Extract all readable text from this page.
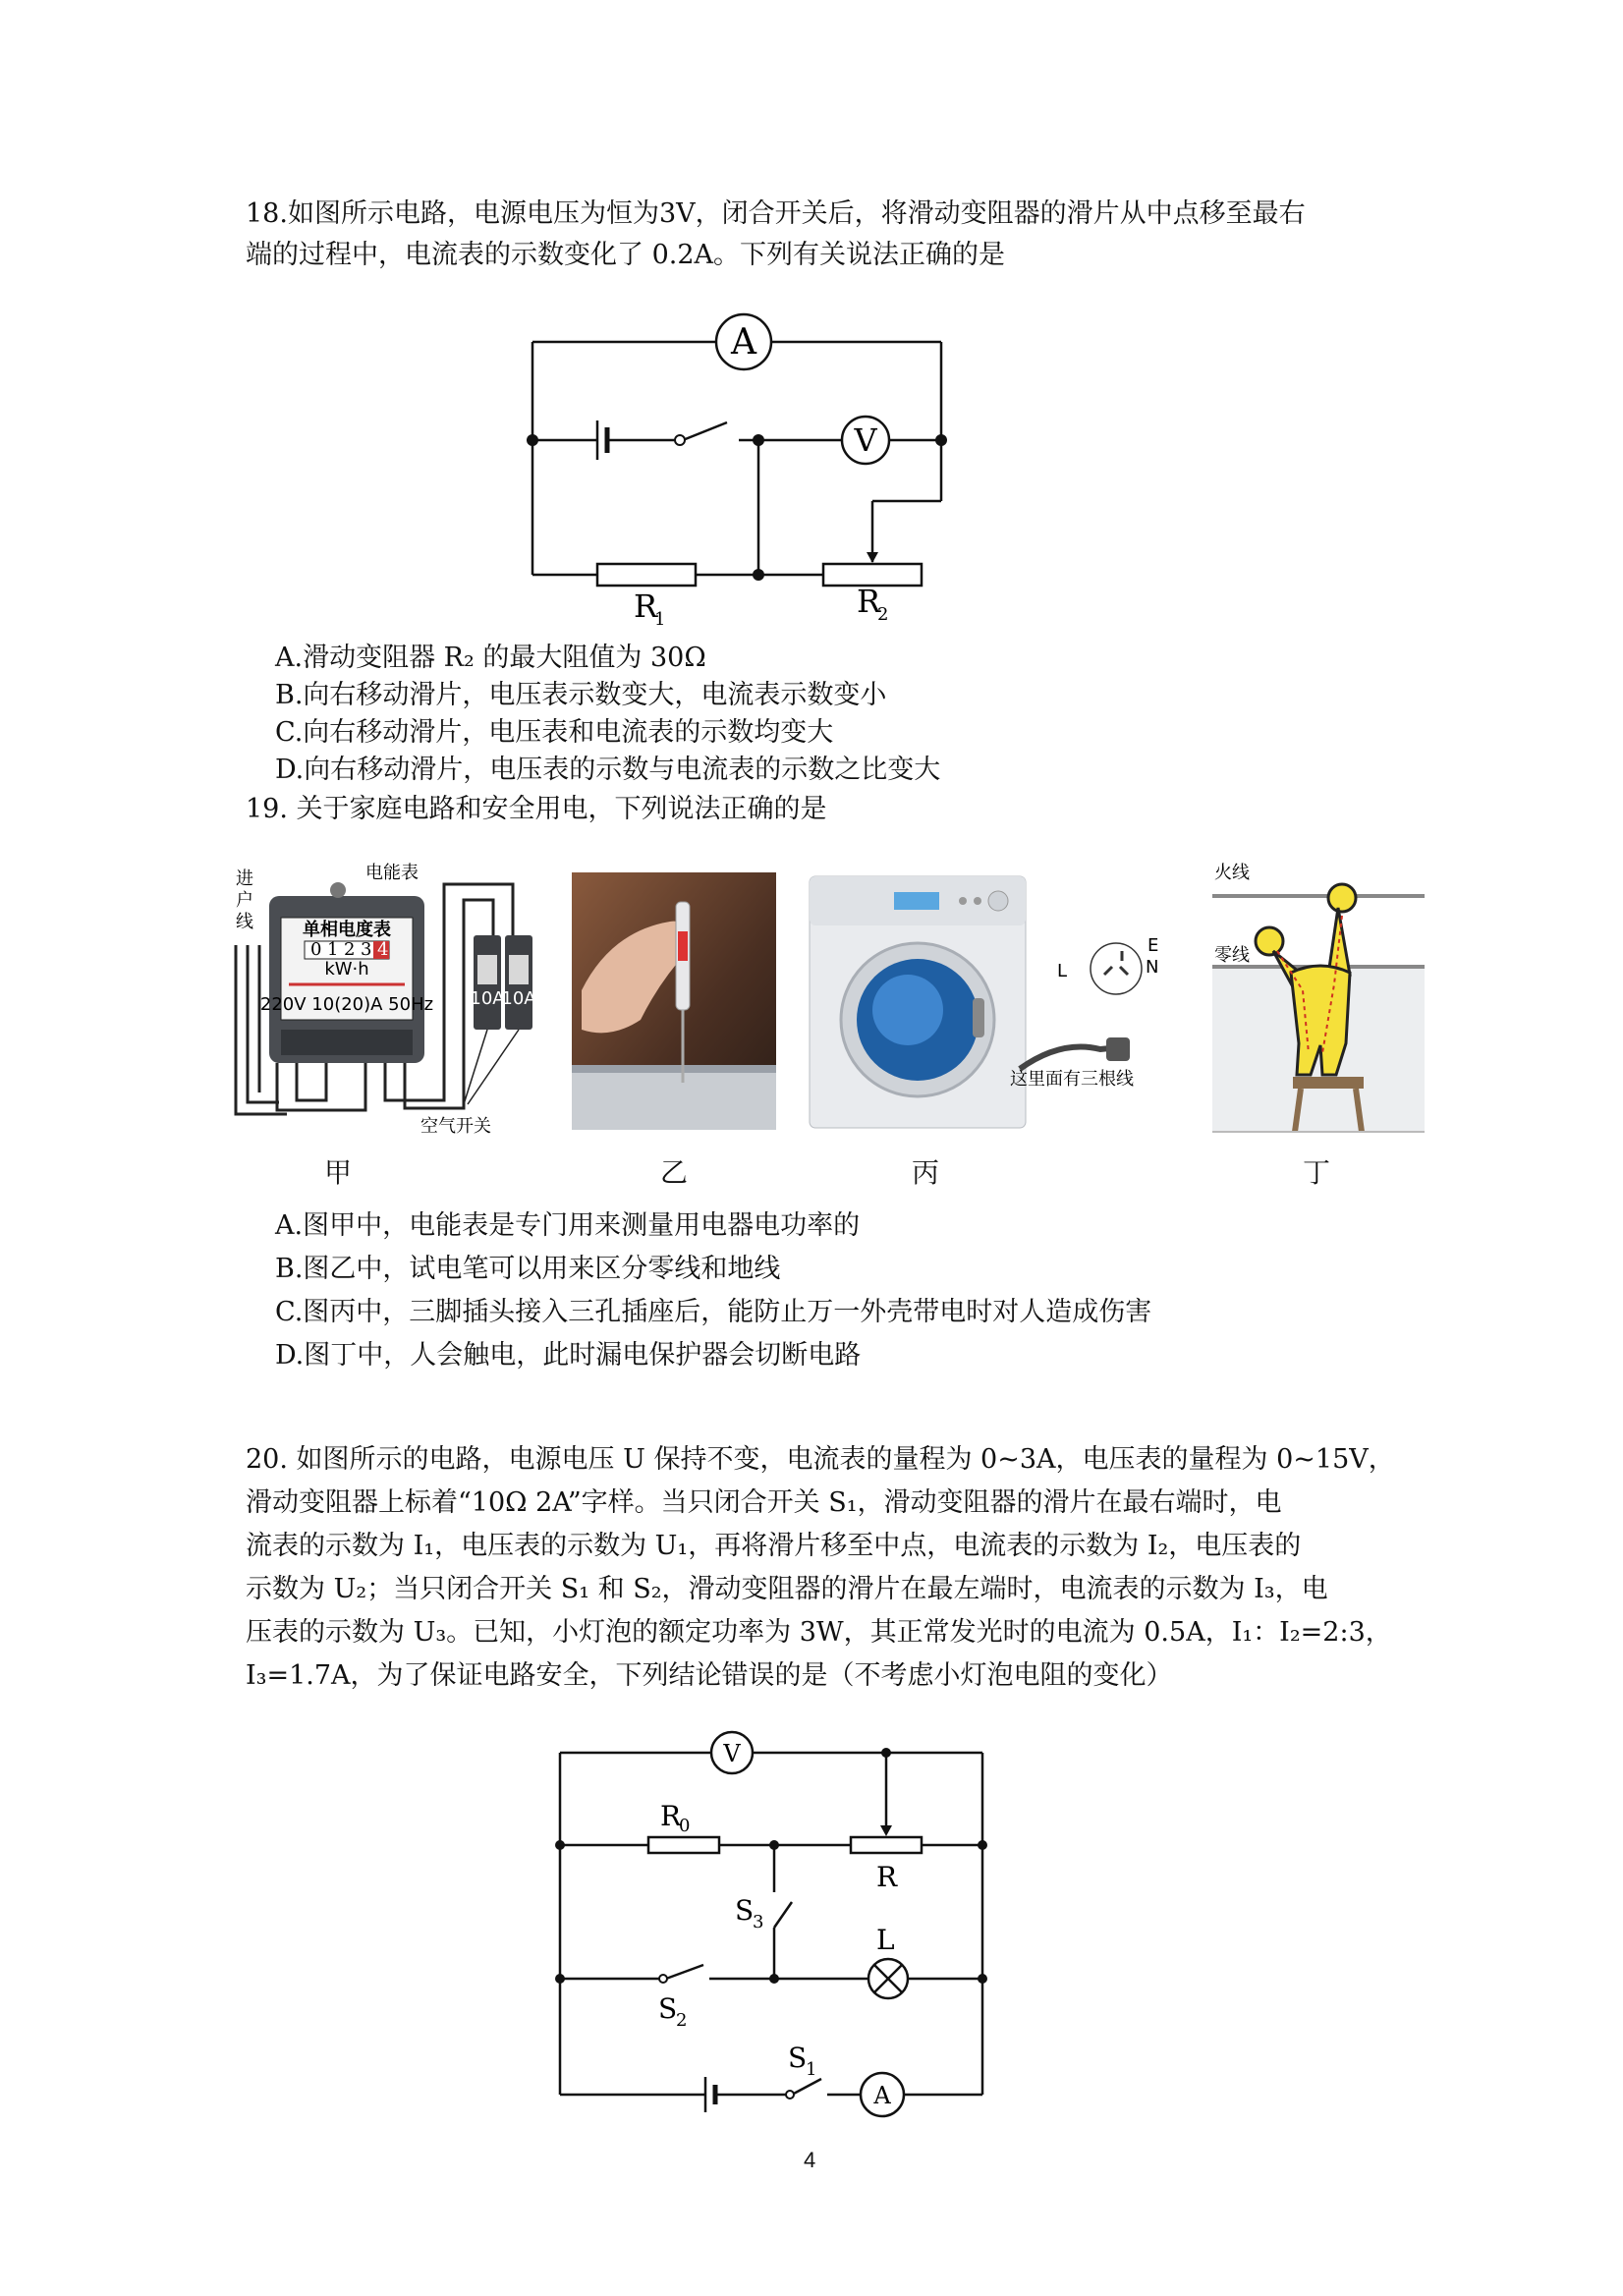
18.如图所示电路，电源电压为恒为3V，闭合开关后，将滑动变阻器的滑片从中点移至最右
端的过程中，电流表的示数变化了 0.2A。下列有关说法正确的是
A
V
R
1	R
2
A.滑动变阻器 R₂ 的最大阻值为 30Ω
B.向右移动滑片，电压表示数变大，电流表示数变小
C.向右移动滑片，电压表和电流表的示数均变大
D.向右移动滑片，电压表的示数与电流表的示数之比变大
19. 关于家庭电路和安全用电，下列说法正确的是
进
户
线
电能表
单相电度表
0 1 2 3 4
kW·h
220V 10(20)A 50Hz 10A
10A
空气开关
甲	乙
L
E
N
这里面有三根线
丙
火线
零线
丁
A.图甲中，电能表是专门用来测量用电器电功率的
B.图乙中，试电笔可以用来区分零线和地线
C.图丙中，三脚插头接入三孔插座后，能防止万一外壳带电时对人造成伤害
D.图丁中，人会触电，此时漏电保护器会切断电路
20. 如图所示的电路，电源电压 U 保持不变，电流表的量程为 0~3A，电压表的量程为 0~15V，
滑动变阻器上标着“10Ω 2A”字样。当只闭合开关 S₁，滑动变阻器的滑片在最右端时，电
流表的示数为 I₁，电压表的示数为 U₁，再将滑片移至中点，电流表的示数为 I₂，电压表的
示数为 U₂；当只闭合开关 S₁ 和 S₂，滑动变阻器的滑片在最左端时，电流表的示数为 I₃，电
压表的示数为 U₃。已知，小灯泡的额定功率为 3W，其正常发光时的电流为 0.5A，I₁：I₂=2:3，
I₃=1.7A，为了保证电路安全，下列结论错误的是（不考虑小灯泡电阻的变化）
V
A
R
0
R
L
S
3
S
2
S
1
4
